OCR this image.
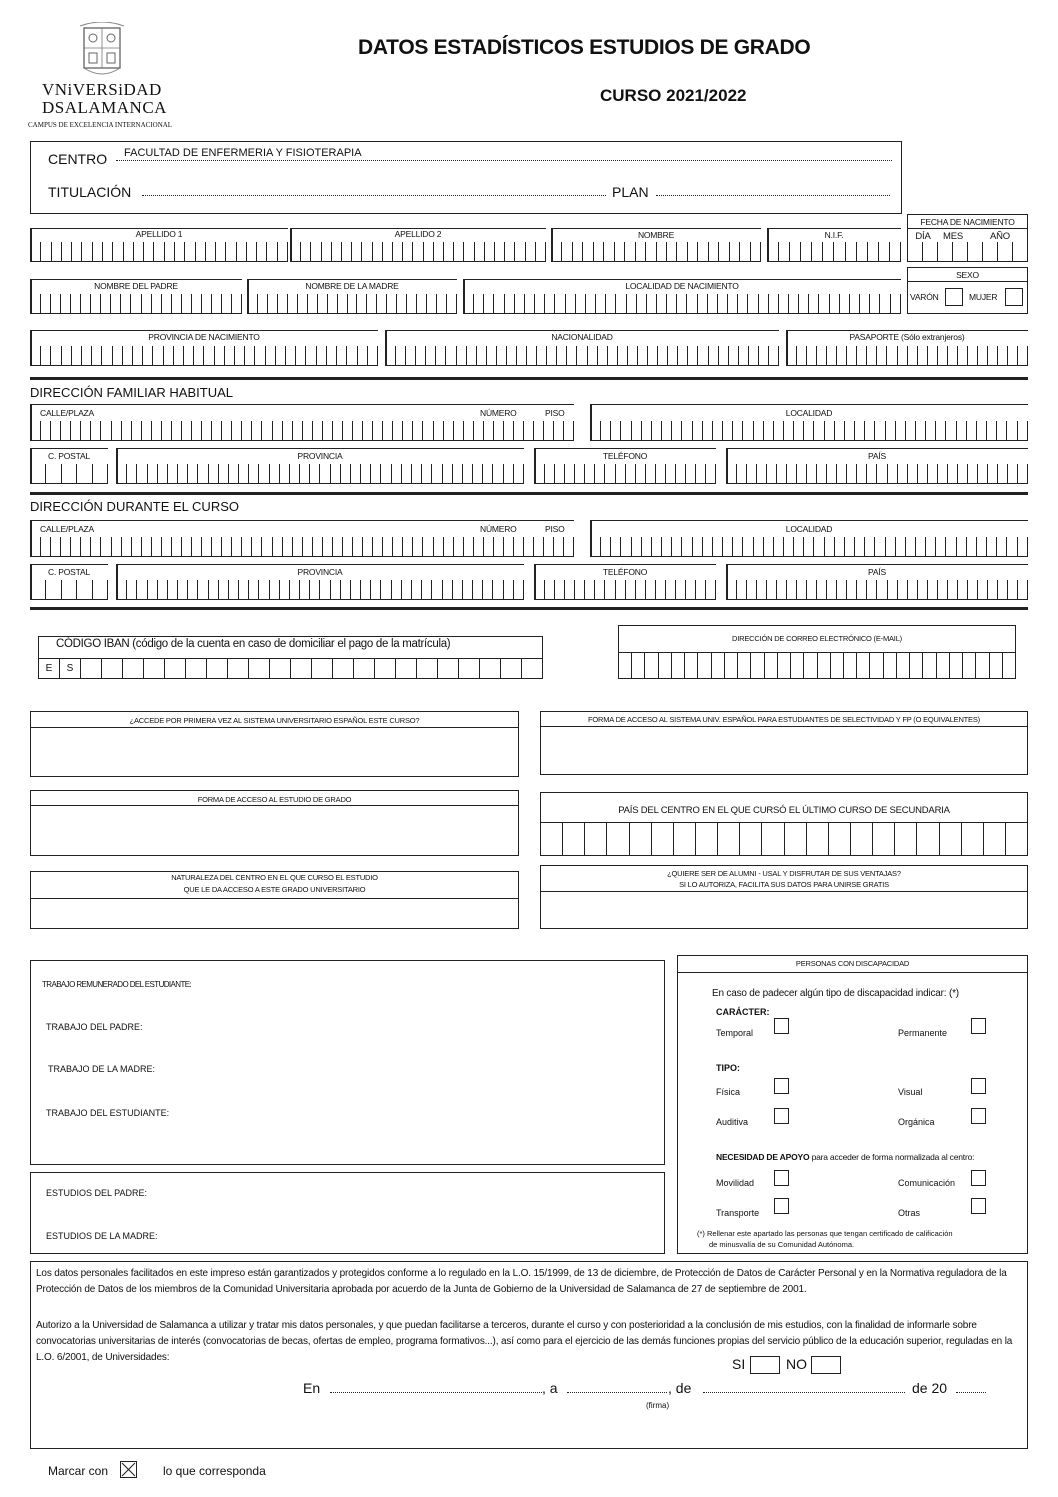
VNiVERSiDAD
DSALAMANCA
CAMPUS DE EXCELENCIA INTERNACIONAL
DATOS ESTADÍSTICOS ESTUDIOS DE GRADO
CURSO 2021/2022
CENTRO FACULTAD DE ENFERMERIA Y FISIOTERAPIA
TITULACIÓN	PLAN
APELLIDO 1	APELLIDO 2	NOMBRE	N.I.F.
FECHA DE NACIMIENTO
DÍA	MES	AÑO
NOMBRE DEL PADRE	NOMBRE DE LA MADRE	LOCALIDAD DE NACIMIENTO
SEXO
VARÓN	MUJER
PROVINCIA DE NACIMIENTO	NACIONALIDAD	PASAPORTE (Sólo extranjeros)
DIRECCIÓN FAMILIAR HABITUAL
CALLE/PLAZA	NÚMERO	PISO	LOCALIDAD
C. POSTAL	PROVINCIA	TELÉFONO	PAÍS
DIRECCIÓN DURANTE EL CURSO
CALLE/PLAZA	NÚMERO	PISO	LOCALIDAD
C. POSTAL	PROVINCIA	TELÉFONO	PAÍS
CÓDIGO IBAN (código de la cuenta en caso de domiciliar el pago de la matrícula)
E	S
DIRECCIÓN DE CORREO ELECTRÓNICO (E-MAIL)
¿ACCEDE POR PRIMERA VEZ AL SISTEMA UNIVERSITARIO ESPAÑOL ESTE CURSO?	FORMA DE ACCESO AL SISTEMA UNIV. ESPAÑOL PARA ESTUDIANTES DE SELECTIVIDAD Y FP (O EQUIVALENTES)
FORMA DE ACCESO AL ESTUDIO DE GRADO
PAÍS DEL CENTRO EN EL QUE CURSÓ EL ÚLTIMO CURSO DE SECUNDARIA
NATURALEZA DEL CENTRO EN EL QUE CURSO EL ESTUDIO
QUE LE DA ACCESO A ESTE GRADO UNIVERSITARIO
¿QUIERE SER DE ALUMNI - USAL Y DISFRUTAR DE SUS VENTAJAS?
SI LO AUTORIZA, FACILITA SUS DATOS PARA UNIRSE GRATIS
TRABAJO REMUNERADO DEL ESTUDIANTE:
TRABAJO DEL PADRE:
TRABAJO DE LA MADRE:
TRABAJO DEL ESTUDIANTE:
ESTUDIOS DEL PADRE:
ESTUDIOS DE LA MADRE:
PERSONAS CON DISCAPACIDAD
En caso de padecer algún tipo de discapacidad indicar: (*)
CARÁCTER:
Temporal	Permanente
TIPO:
Física	Visual
Auditiva	Orgánica
NECESIDAD DE APOYO para acceder de forma normalizada al centro:
Movilidad	Comunicación
Transporte	Otras
(*) Rellenar este apartado las personas que tengan certificado de calificación
de minusvalía de su Comunidad Autónoma.
Los datos personales facilitados en este impreso están garantizados y protegidos conforme a lo regulado en la L.O. 15/1999, de 13 de diciembre, de Protección de Datos de Carácter Personal y en la Normativa reguladora de la Protección de Datos de los miembros de la Comunidad Universitaria aprobada por acuerdo de la Junta de Gobierno de la Universidad de Salamanca de 27 de septiembre de 2001.
Autorizo a la Universidad de Salamanca a utilizar y tratar mis datos personales, y que puedan facilitarse a terceros, durante el curso y con posterioridad a la conclusión de mis estudios, con la finalidad de informarle sobre convocatorias universitarias de interés (convocatorias de becas, ofertas de empleo, programa formativos...), así como para el ejercicio de las demás funciones propias del servicio público de la educación superior, reguladas en la L.O. 6/2001, de Universidades:	SI	NO
En	, a	, de	de 20
(firma)
Marcar con	lo que corresponda
